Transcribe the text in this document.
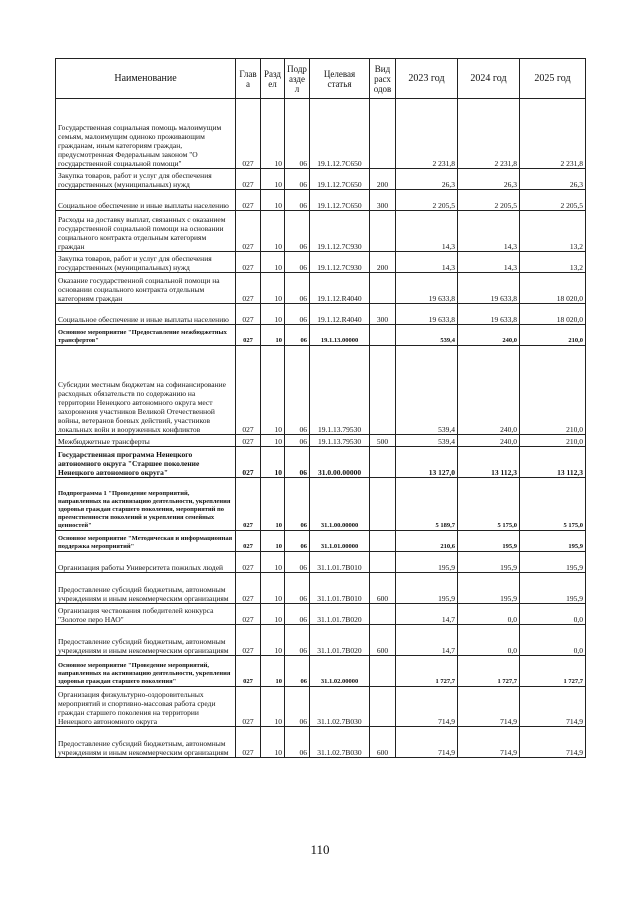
Наименование	Глав а	Разд ел	Подр азде л	Целевая статья	Вид расх одов	2023 год	2024 год	2025 год
Государственная социальная помощь малоимущим семьям, малоимущим одиноко проживающим гражданам, иным категориям граждан, предусмотренная Федеральным законом "О государственной социальной помощи"	027	10	06	19.1.12.7С650		2 231,8	2 231,8	2 231,8
Закупка товаров, работ и услуг для обеспечения государственных (муниципальных) нужд	027	10	06	19.1.12.7С650	200	26,3	26,3	26,3
Социальное обеспечение и иные выплаты населению	027	10	06	19.1.12.7С650	300	2 205,5	2 205,5	2 205,5
Расходы на доставку выплат, связанных с оказанием государственной социальной помощи на основании социального контракта отдельным категориям граждан	027	10	06	19.1.12.7С930		14,3	14,3	13,2
Закупка товаров, работ и услуг для обеспечения государственных (муниципальных) нужд	027	10	06	19.1.12.7С930	200	14,3	14,3	13,2
Оказание государственной социальной помощи на основании социального контракта отдельным категориям граждан	027	10	06	19.1.12.R4040		19 633,8	19 633,8	18 020,0
Социальное обеспечение и иные выплаты населению	027	10	06	19.1.12.R4040	300	19 633,8	19 633,8	18 020,0
Основное мероприятие "Предоставление межбюджетных трансфертов"	027	10	06	19.1.13.00000		539,4	240,0	210,0
Субсидии местным бюджетам на софинансирование расходных обязательств по содержанию на территории Ненецкого автономного округа мест захоронения участников Великой Отечественной войны, ветеранов боевых действий, участников локальных войн и вооруженных конфликтов	027	10	06	19.1.13.79530		539,4	240,0	210,0
Межбюджетные трансферты	027	10	06	19.1.13.79530	500	539,4	240,0	210,0
Государственная программа Ненецкого автономного округа "Старшее поколение Ненецкого автономного округа"	027	10	06	31.0.00.00000		13 127,0	13 112,3	13 112,3
Подпрограмма 1 "Проведение мероприятий, направленных на активизацию деятельности, укрепления здоровья граждан старшего поколения, мероприятий по преемственности поколений и укрепления семейных ценностей"	027	10	06	31.1.00.00000		5 189,7	5 175,0	5 175,0
Основное мероприятие "Методическая и информационная поддержка мероприятий"	027	10	06	31.1.01.00000		210,6	195,9	195,9
Организация работы Университета пожилых людей	027	10	06	31.1.01.7В010		195,9	195,9	195,9
Предоставление субсидий бюджетным, автономным учреждениям и иным некоммерческим организациям	027	10	06	31.1.01.7В010	600	195,9	195,9	195,9
Организация чествования победителей конкурса "Золотое перо НАО"	027	10	06	31.1.01.7В020		14,7	0,0	0,0
Предоставление субсидий бюджетным, автономным учреждениям и иным некоммерческим организациям	027	10	06	31.1.01.7В020	600	14,7	0,0	0,0
Основное мероприятие "Проведение мероприятий, направленных на активизацию деятельности, укрепления здоровья граждан старшего поколения"	027	10	06	31.1.02.00000		1 727,7	1 727,7	1 727,7
Организация физкультурно-оздоровительных мероприятий и спортивно-массовая работа среди граждан старшего поколения на территории Ненецкого автономного округа	027	10	06	31.1.02.7В030		714,9	714,9	714,9
Предоставление субсидий бюджетным, автономным учреждениям и иным некоммерческим организациям	027	10	06	31.1.02.7В030	600	714,9	714,9	714,9
110
